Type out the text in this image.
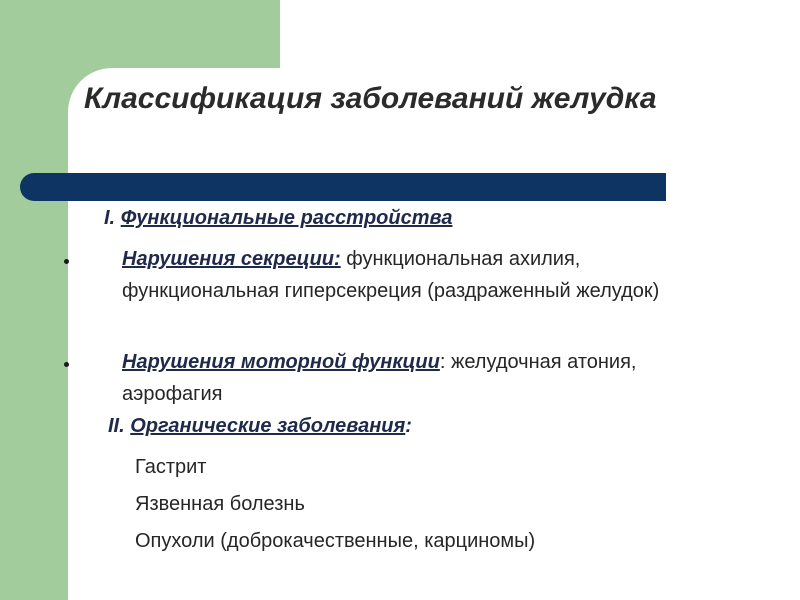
Классификация заболеваний желудка

I. Функциональные расстройства

Нарушения секреции: функциональная ахилия, функциональная гиперсекреция (раздраженный желудок)
Нарушения моторной функции: желудочная атония, аэрофагия

II. Органические заболевания:

Гастрит
Язвенная болезнь
Опухоли (доброкачественные, карциномы)
